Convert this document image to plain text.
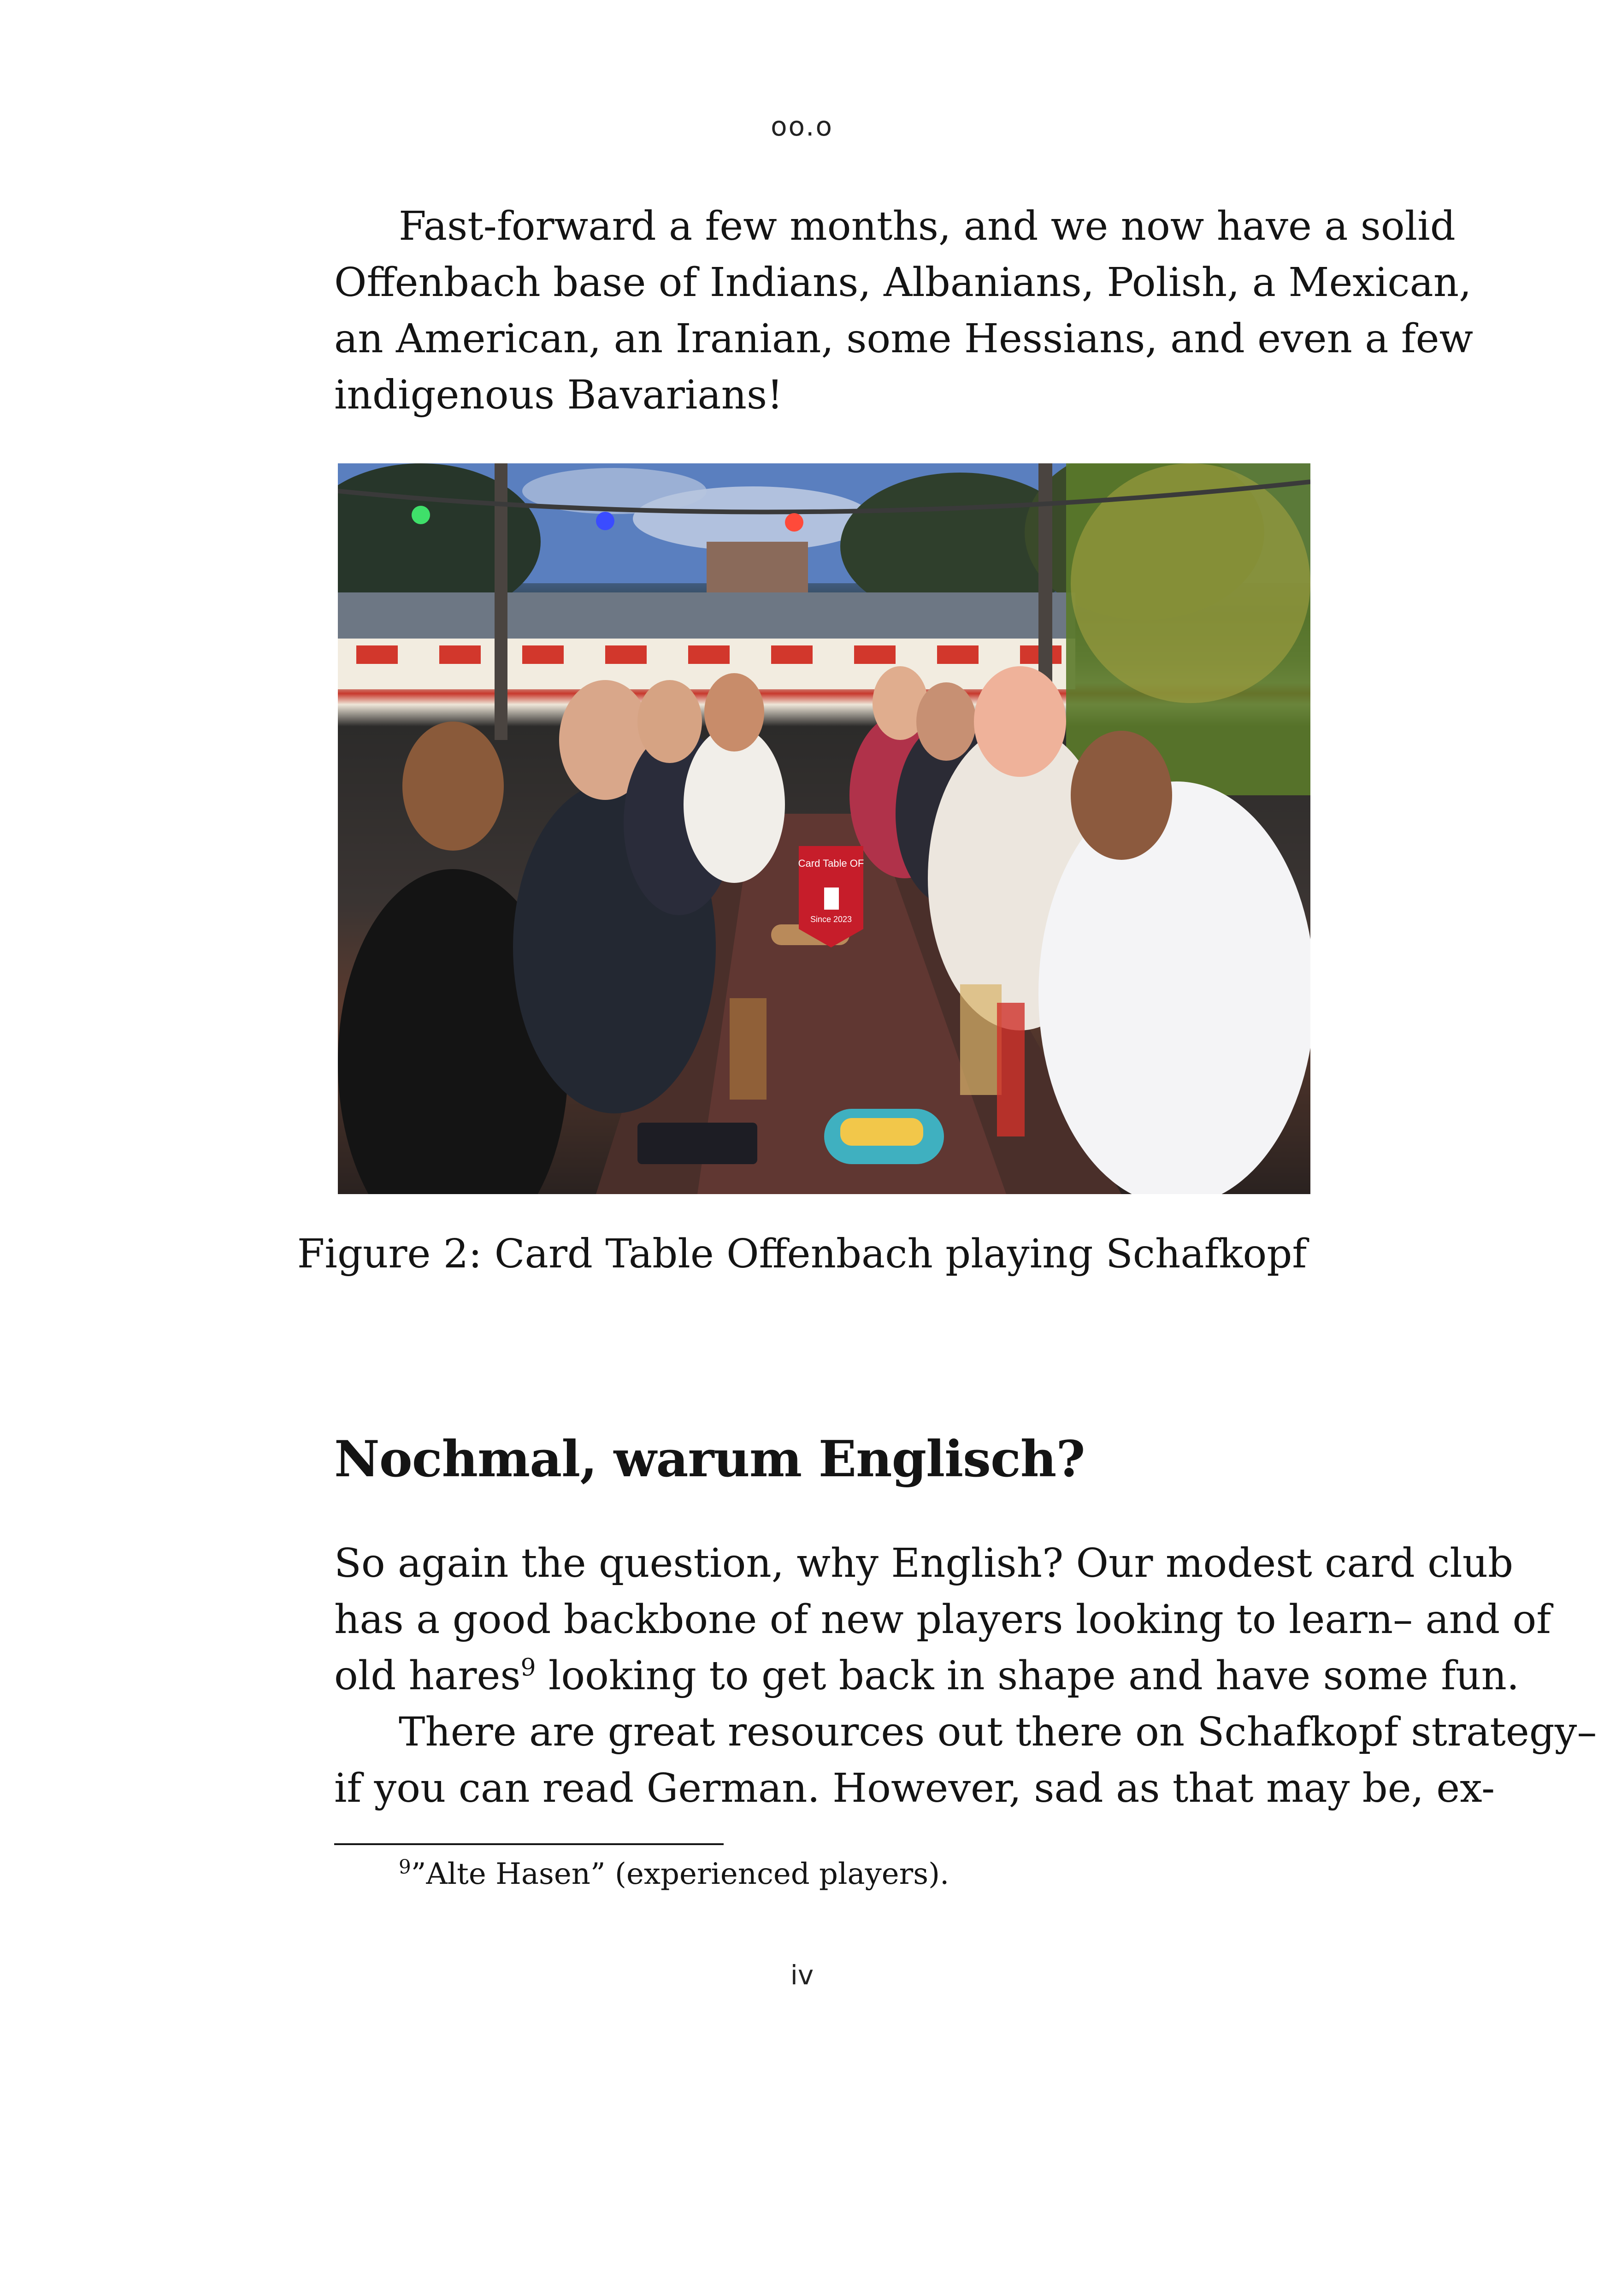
oo.o

Fast-forward a few months, and we now have a solid
Offenbach base of Indians, Albanians, Polish, a Mexican,
an American, an Iranian, some Hessians, and even a few
indigenous Bavarians!

Card Table OF
Since 2023
Figure 2: Card Table Offenbach playing Schafkopf
Nochmal, warum Englisch?

So again the question, why English? Our modest card club
has a good backbone of new players looking to learn– and of
old hares$^9$ looking to get back in shape and have some fun.

There are great resources out there on Schafkopf strategy–
if you can read German. However, sad as that may be, ex-

$^9$”Alte Hasen” (experienced players).
iv
